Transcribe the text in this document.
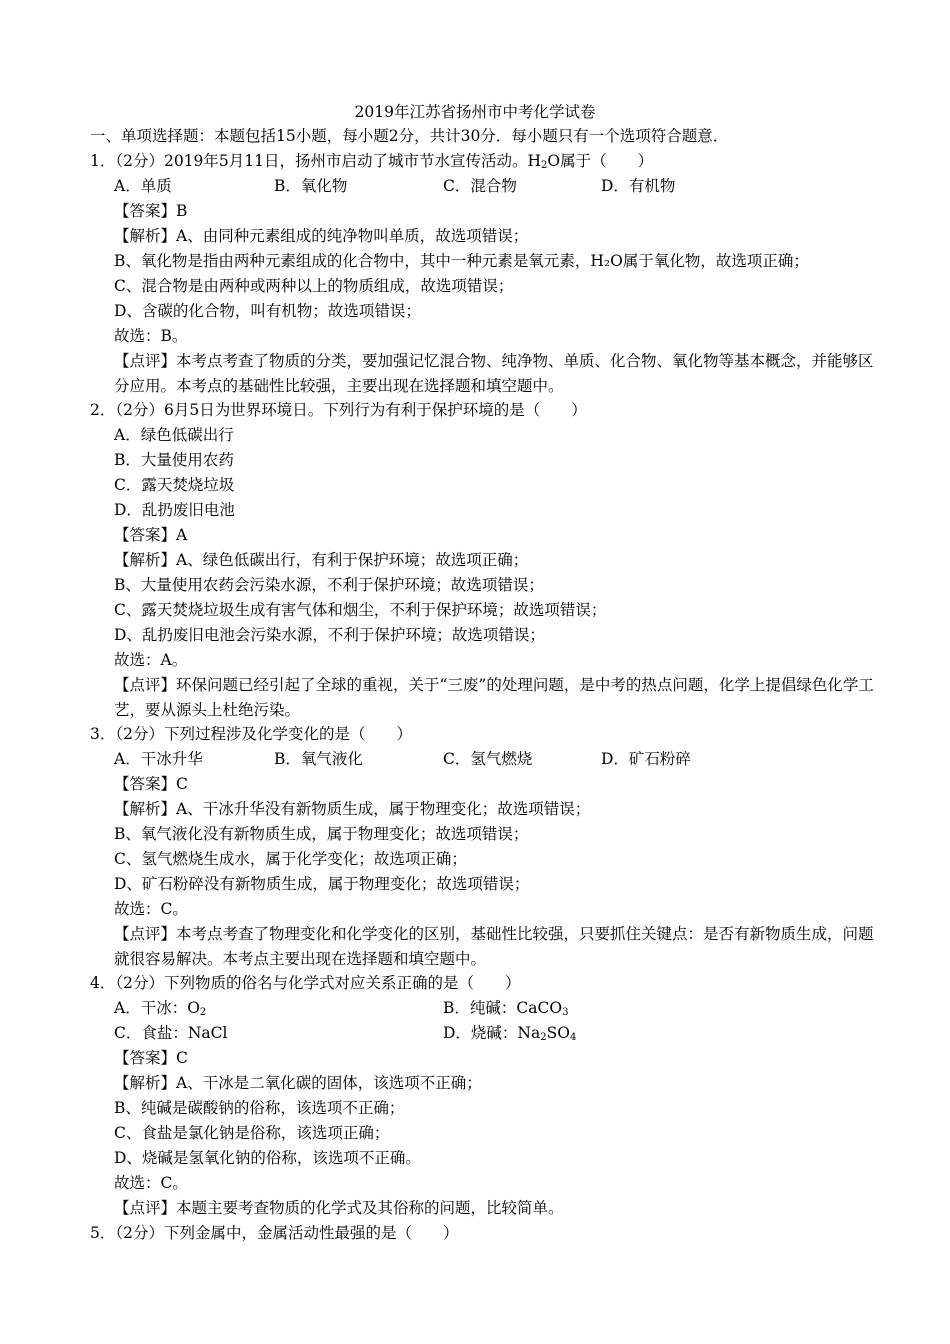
2019年江苏省扬州市中考化学试卷
一、单项选择题：本题包括15小题，每小题2分，共计30分．每小题只有一个选项符合题意．
1．（2分）2019年5月11日，扬州市启动了城市节水宣传活动。$H_2O$属于（　　）
A．单质	B．氧化物	C．混合物	D．有机物
【答案】B
【解析】A、由同种元素组成的纯净物叫单质，故选项错误；
B、氧化物是指由两种元素组成的化合物中，其中一种元素是氧元素，H₂O属于氧化物，故选项正确；
C、混合物是由两种或两种以上的物质组成，故选项错误；
D、含碳的化合物，叫有机物；故选项错误；
故选：B。
【点评】本考点考查了物质的分类，要加强记忆混合物、纯净物、单质、化合物、氧化物等基本概念，并能够区分应用。本考点的基础性比较强，主要出现在选择题和填空题中。
2．（2分）6月5日为世界环境日。下列行为有利于保护环境的是（　　）
A．绿色低碳出行
B．大量使用农药
C．露天焚烧垃圾
D．乱扔废旧电池
【答案】A
【解析】A、绿色低碳出行，有利于保护环境；故选项正确；
B、大量使用农药会污染水源，不利于保护环境；故选项错误；
C、露天焚烧垃圾生成有害气体和烟尘，不利于保护环境；故选项错误；
D、乱扔废旧电池会污染水源，不利于保护环境；故选项错误；
故选：A。
【点评】环保问题已经引起了全球的重视，关于“三废”的处理问题，是中考的热点问题，化学上提倡绿色化学工艺，要从源头上杜绝污染。
3．（2分）下列过程涉及化学变化的是（　　）
A．干冰升华	B．氧气液化	C．氢气燃烧	D．矿石粉碎
【答案】C
【解析】A、干冰升华没有新物质生成，属于物理变化；故选项错误；
B、氧气液化没有新物质生成，属于物理变化；故选项错误；
C、氢气燃烧生成水，属于化学变化；故选项正确；
D、矿石粉碎没有新物质生成，属于物理变化；故选项错误；
故选：C。
【点评】本考点考查了物理变化和化学变化的区别，基础性比较强，只要抓住关键点：是否有新物质生成，问题就很容易解决。本考点主要出现在选择题和填空题中。
4．（2分）下列物质的俗名与化学式对应关系正确的是（　　）
A．干冰：$O_2$	B．纯碱：CaCO$_3$
C．食盐：NaCl	D．烧碱：$Na_2SO_4$
【答案】C
【解析】A、干冰是二氧化碳的固体，该选项不正确；
B、纯碱是碳酸钠的俗称，该选项不正确；
C、食盐是氯化钠是俗称，该选项正确；
D、烧碱是氢氧化钠的俗称，该选项不正确。
故选：C。
【点评】本题主要考查物质的化学式及其俗称的问题，比较简单。
5．（2分）下列金属中，金属活动性最强的是（　　）
